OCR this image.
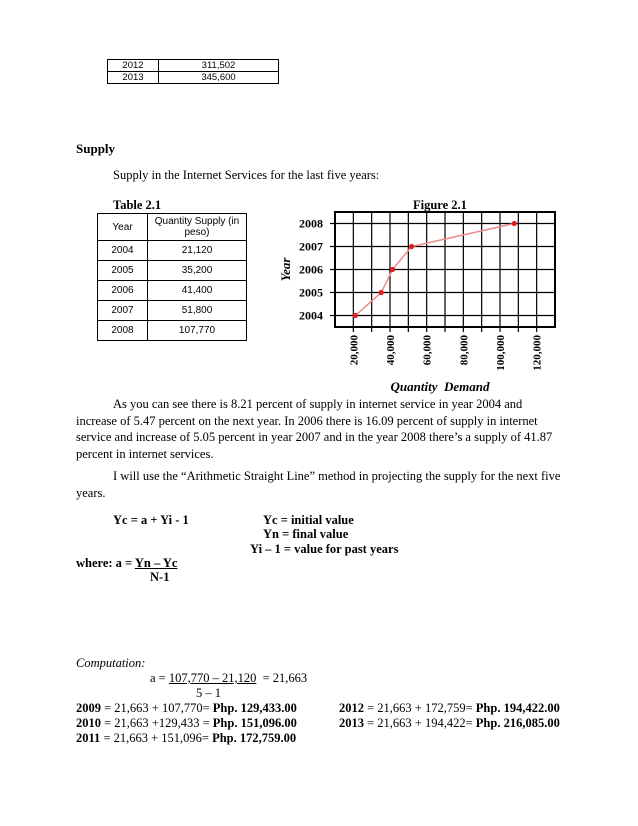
2012	311,502
2013	345,600
Supply
Supply in the Internet Services for the last five years:
Table 2.1	Figure 2.1
Year	Quantity Supply (in peso)
2004	21,120
2005	35,200
2006	41,400
2007	51,800
2008	107,770
2004
2005
2006
2007
2008
20,000 40,000 60,000 80,000 100,000 120,000
Year
Quantity  Demand
As you can see there is 8.21 percent of supply in internet service in year 2004 and increase of 5.47 percent on the next year. In 2006 there is 16.09 percent of supply in internet service and increase of 5.05 percent in year 2007 and in the year 2008 there’s a supply of 41.87 percent in internet services.
I will use the “Arithmetic Straight Line” method in projecting the supply for the next five years.
Yc = a + Yi - 1	Yc = initial value
Yn = final value
Yi – 1 = value for past years
where: a = Yn – Yc
N-1
Computation:
a = 107,770 – 21,120  = 21,663
5 – 1
2009 = 21,663 + 107,770= Php. 129,433.00
2010 = 21,663 +129,433 = Php. 151,096.00
2011 = 21,663 + 151,096= Php. 172,759.00
2012 = 21,663 + 172,759= Php. 194,422.00
2013 = 21,663 + 194,422= Php. 216,085.00
